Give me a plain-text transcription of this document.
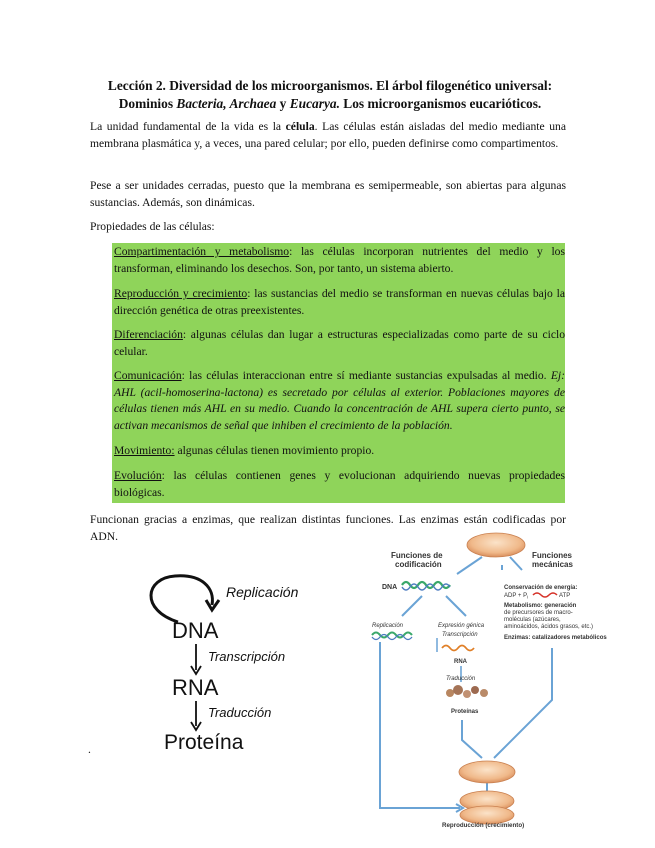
Lección 2. Diversidad de los microorganismos. El árbol filogenético universal:
Dominios Bacteria, Archaea y Eucarya. Los microorganismos eucarióticos.
La unidad fundamental de la vida es la célula. Las células están aisladas del medio mediante una membrana plasmática y, a veces, una pared celular; por ello, pueden definirse como compartimentos.
Pese a ser unidades cerradas, puesto que la membrana es semipermeable, son abiertas para algunas sustancias. Además, son dinámicas.
Propiedades de las células:
Compartimentación y metabolismo: las células incorporan nutrientes del medio y los transforman, eliminando los desechos. Son, por tanto, un sistema abierto.
Reproducción y crecimiento: las sustancias del medio se transforman en nuevas células bajo la dirección genética de otras preexistentes.
Diferenciación: algunas células dan lugar a estructuras especializadas como parte de su ciclo celular.
Comunicación: las células interaccionan entre sí mediante sustancias expulsadas al medio. Ej: AHL (acil-homoserina-lactona) es secretado por células al exterior. Poblaciones mayores de células tienen más AHL en su medio. Cuando la concentración de AHL supera cierto punto, se activan mecanismos de señal que inhiben el crecimiento de la población.
Movimiento: algunas células tienen movimiento propio.
Evolución: las células contienen genes y evolucionan adquiriendo nuevas propiedades biológicas.
Funcionan gracias a enzimas, que realizan distintas funciones. Las enzimas están codificadas por ADN.
Replicación
DNA
Transcripción
RNA
Traducción
Proteína
.
Funciones de
codificación
Funciones
mecánicas
DNA	Conservación de energía:
ADP + $P_i$	ATP
Metabolismo: generación
de precursores de macro-
moléculas (azúcares,
aminoácidos, ácidos grasos, etc.)
Enzimas: catalizadores metabólicos
Replicación	Expresión génica
Transcripción
RNA
Traducción
Proteínas
Reproducción (crecimiento)
